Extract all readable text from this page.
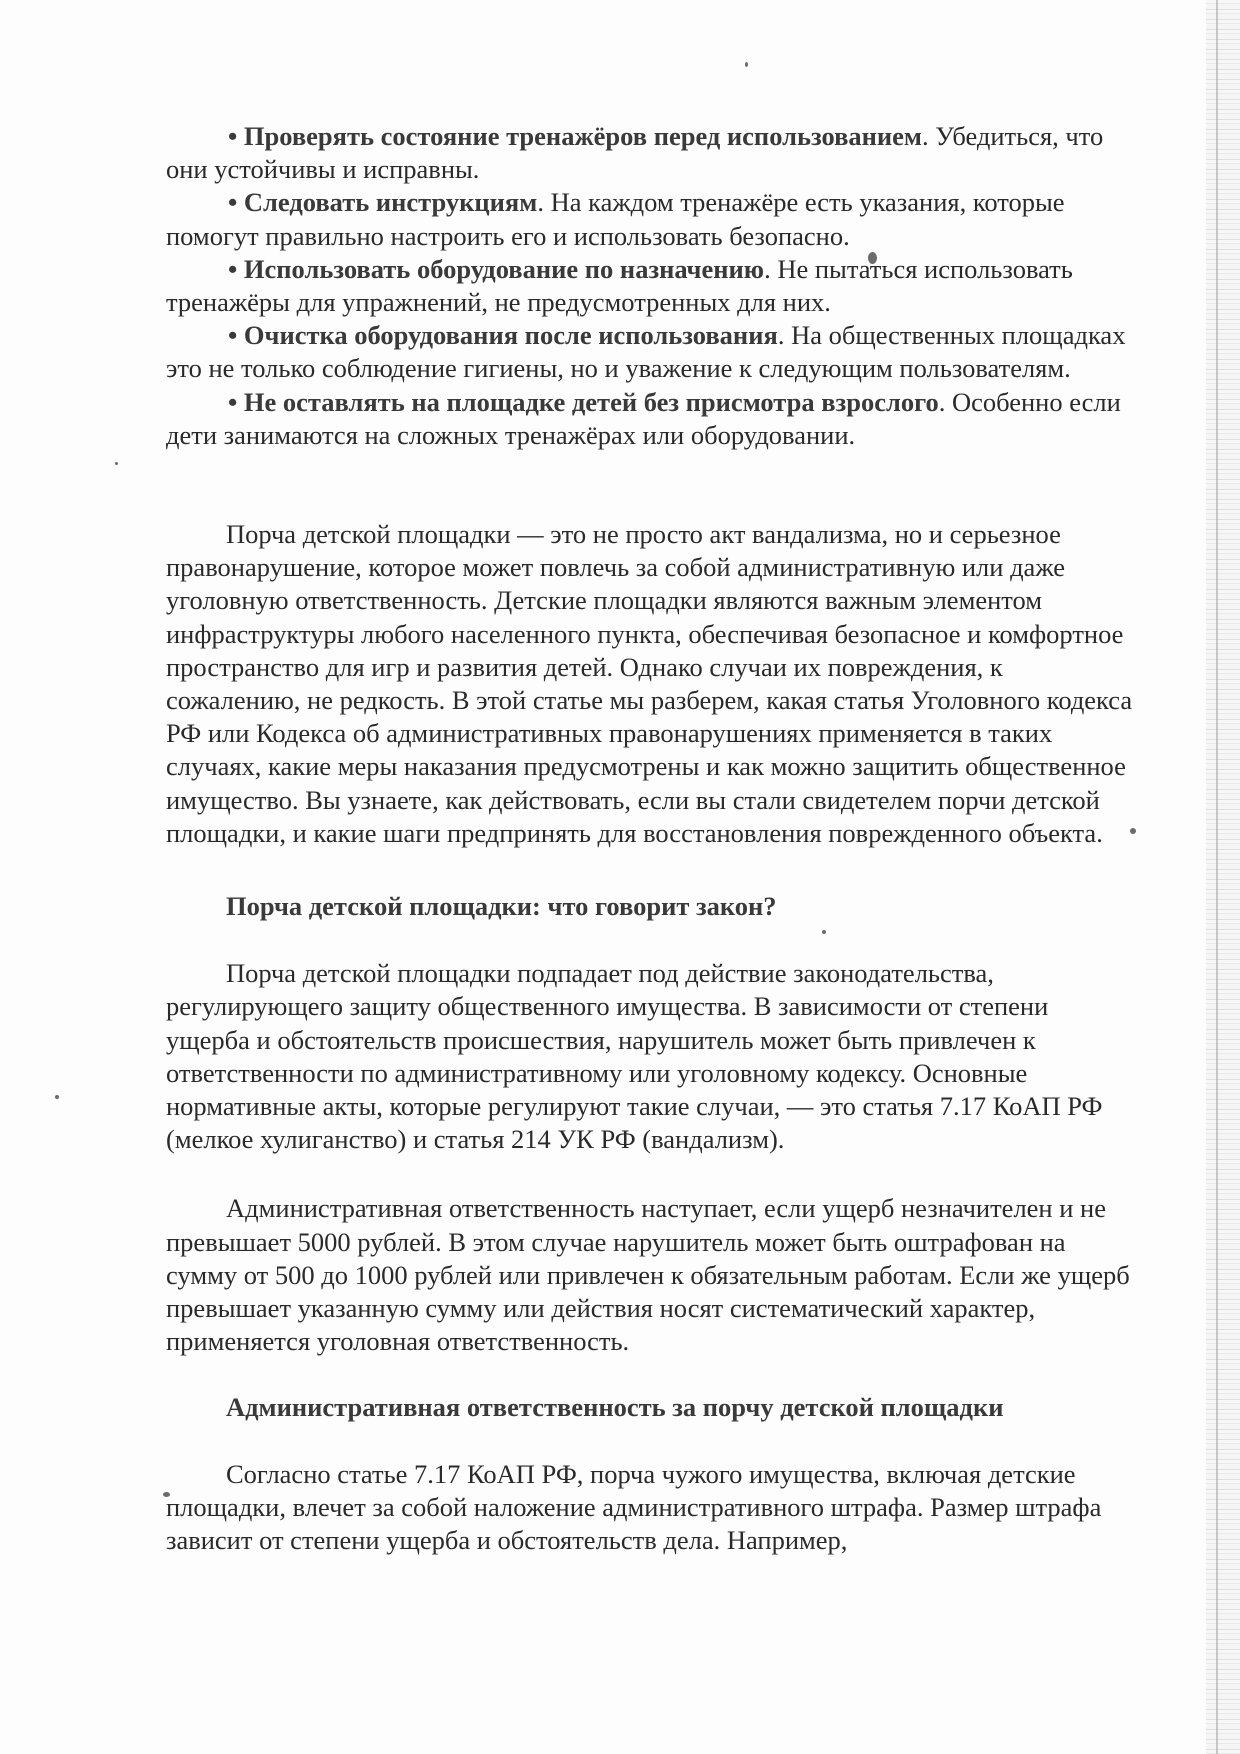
• Проверять состояние тренажёров перед использованием. Убедиться, что они устойчивы и исправны.

• Следовать инструкциям. На каждом тренажёре есть указания, которые помогут правильно настроить его и использовать безопасно.

• Использовать оборудование по назначению. Не пытаться использовать тренажёры для упражнений, не предусмотренных для них.

• Очистка оборудования после использования. На общественных площадках это не только соблюдение гигиены, но и уважение к следующим пользователям.

• Не оставлять на площадке детей без присмотра взрослого. Особенно если дети занимаются на сложных тренажёрах или оборудовании.

Порча детской площадки — это не просто акт вандализма, но и серьезное правонарушение, которое может повлечь за собой административную или даже уголовную ответственность. Детские площадки являются важным элементом инфраструктуры любого населенного пункта, обеспечивая безопасное и комфортное пространство для игр и развития детей. Однако случаи их повреждения, к сожалению, не редкость. В этой статье мы разберем, какая статья Уголовного кодекса РФ или Кодекса об административных правонарушениях применяется в таких случаях, какие меры наказания предусмотрены и как можно защитить общественное имущество. Вы узнаете, как действовать, если вы стали свидетелем порчи детской площадки, и какие шаги предпринять для восстановления поврежденного объекта.

Порча детской площадки: что говорит закон?

Порча детской площадки подпадает под действие законодательства, регулирующего защиту общественного имущества. В зависимости от степени ущерба и обстоятельств происшествия, нарушитель может быть привлечен к ответственности по административному или уголовному кодексу. Основные нормативные акты, которые регулируют такие случаи, — это статья 7.17 КоАП РФ (мелкое хулиганство) и статья 214 УК РФ (вандализм).

Административная ответственность наступает, если ущерб незначителен и не превышает 5000 рублей. В этом случае нарушитель может быть оштрафован на сумму от 500 до 1000 рублей или привлечен к обязательным работам. Если же ущерб превышает указанную сумму или действия носят систематический характер, применяется уголовная ответственность.

Административная ответственность за порчу детской площадки

Согласно статье 7.17 КоАП РФ, порча чужого имущества, включая детские площадки, влечет за собой наложение административного штрафа. Размер штрафа зависит от степени ущерба и обстоятельств дела. Например,
